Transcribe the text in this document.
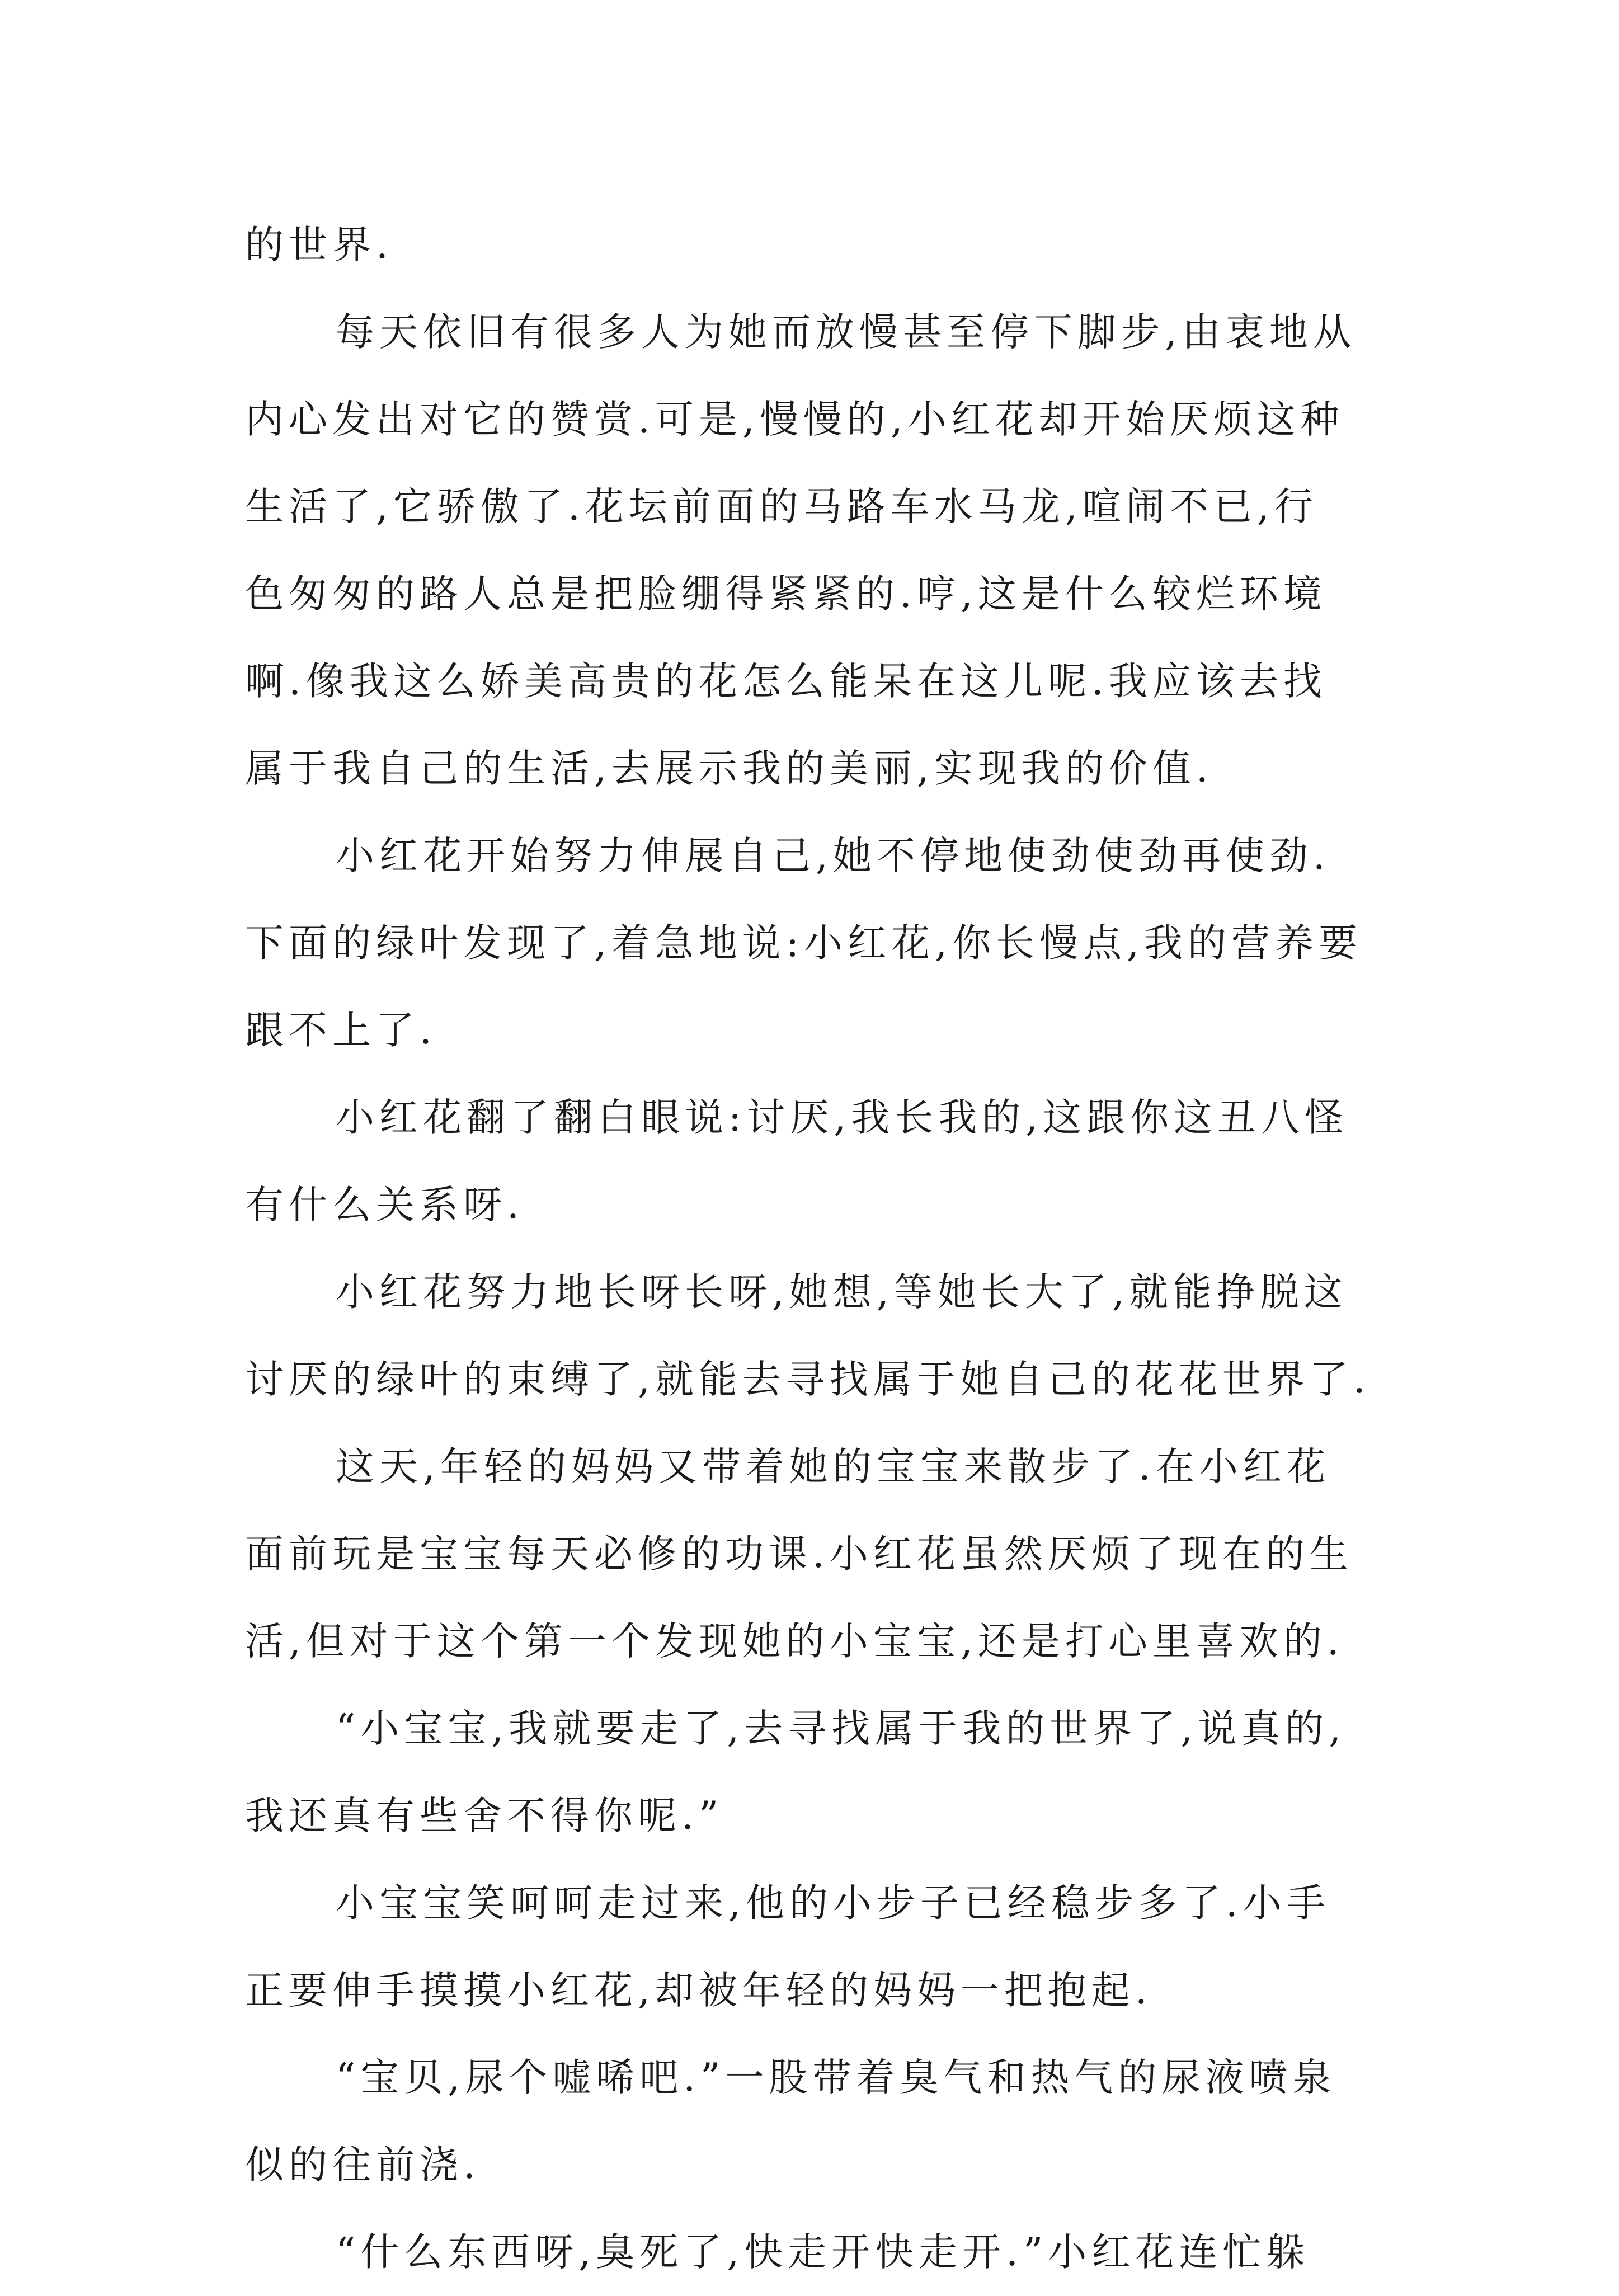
的世界.
每天依旧有很多人为她而放慢甚至停下脚步,由衷地从
内心发出对它的赞赏.可是,慢慢的,小红花却开始厌烦这种
生活了,它骄傲了.花坛前面的马路车水马龙,喧闹不已,行
色匆匆的路人总是把脸绷得紧紧的.哼,这是什么较烂环境
啊.像我这么娇美高贵的花怎么能呆在这儿呢.我应该去找
属于我自己的生活,去展示我的美丽,实现我的价值.
小红花开始努力伸展自己,她不停地使劲使劲再使劲.
下面的绿叶发现了,着急地说:小红花,你长慢点,我的营养要
跟不上了.
小红花翻了翻白眼说:讨厌,我长我的,这跟你这丑八怪
有什么关系呀.
小红花努力地长呀长呀,她想,等她长大了,就能挣脱这
讨厌的绿叶的束缚了,就能去寻找属于她自己的花花世界了.
这天,年轻的妈妈又带着她的宝宝来散步了.在小红花
面前玩是宝宝每天必修的功课.小红花虽然厌烦了现在的生
活,但对于这个第一个发现她的小宝宝,还是打心里喜欢的.
“小宝宝,我就要走了,去寻找属于我的世界了,说真的,
我还真有些舍不得你呢.”
小宝宝笑呵呵走过来,他的小步子已经稳步多了.小手
正要伸手摸摸小红花,却被年轻的妈妈一把抱起.
“宝贝,尿个嘘唏吧.”一股带着臭气和热气的尿液喷泉
似的往前浇.
“什么东西呀,臭死了,快走开快走开.”小红花连忙躲
